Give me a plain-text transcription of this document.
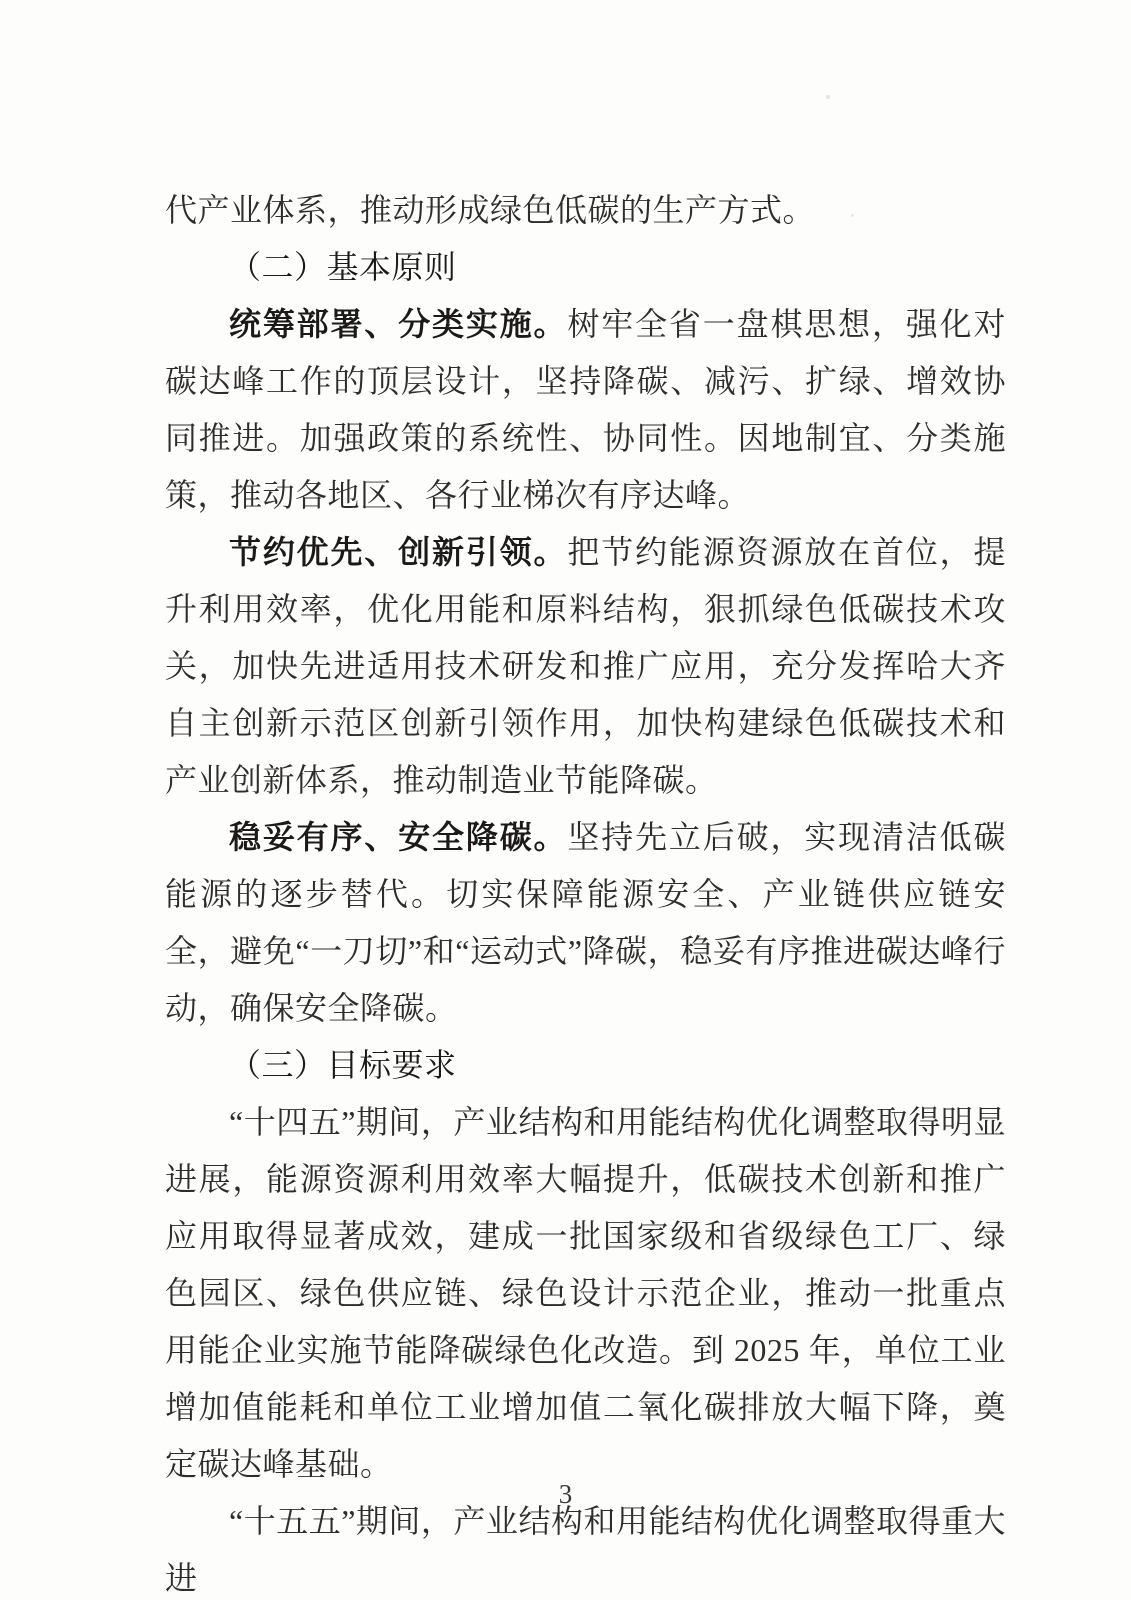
代产业体系，推动形成绿色低碳的生产方式。

（二）基本原则

统筹部署、分类实施。树牢全省一盘棋思想，强化对碳达峰工作的顶层设计，坚持降碳、减污、扩绿、增效协同推进。加强政策的系统性、协同性。因地制宜、分类施策，推动各地区、各行业梯次有序达峰。

节约优先、创新引领。把节约能源资源放在首位，提升利用效率，优化用能和原料结构，狠抓绿色低碳技术攻关，加快先进适用技术研发和推广应用，充分发挥哈大齐自主创新示范区创新引领作用，加快构建绿色低碳技术和产业创新体系，推动制造业节能降碳。

稳妥有序、安全降碳。坚持先立后破，实现清洁低碳能源的逐步替代。切实保障能源安全、产业链供应链安全，避免“一刀切”和“运动式”降碳，稳妥有序推进碳达峰行动，确保安全降碳。

（三）目标要求

“十四五”期间，产业结构和用能结构优化调整取得明显进展，能源资源利用效率大幅提升，低碳技术创新和推广应用取得显著成效，建成一批国家级和省级绿色工厂、绿色园区、绿色供应链、绿色设计示范企业，推动一批重点用能企业实施节能降碳绿色化改造。到 2025 年，单位工业增加值能耗和单位工业增加值二氧化碳排放大幅下降，奠定碳达峰基础。

“十五五”期间，产业结构和用能结构优化调整取得重大进

3
